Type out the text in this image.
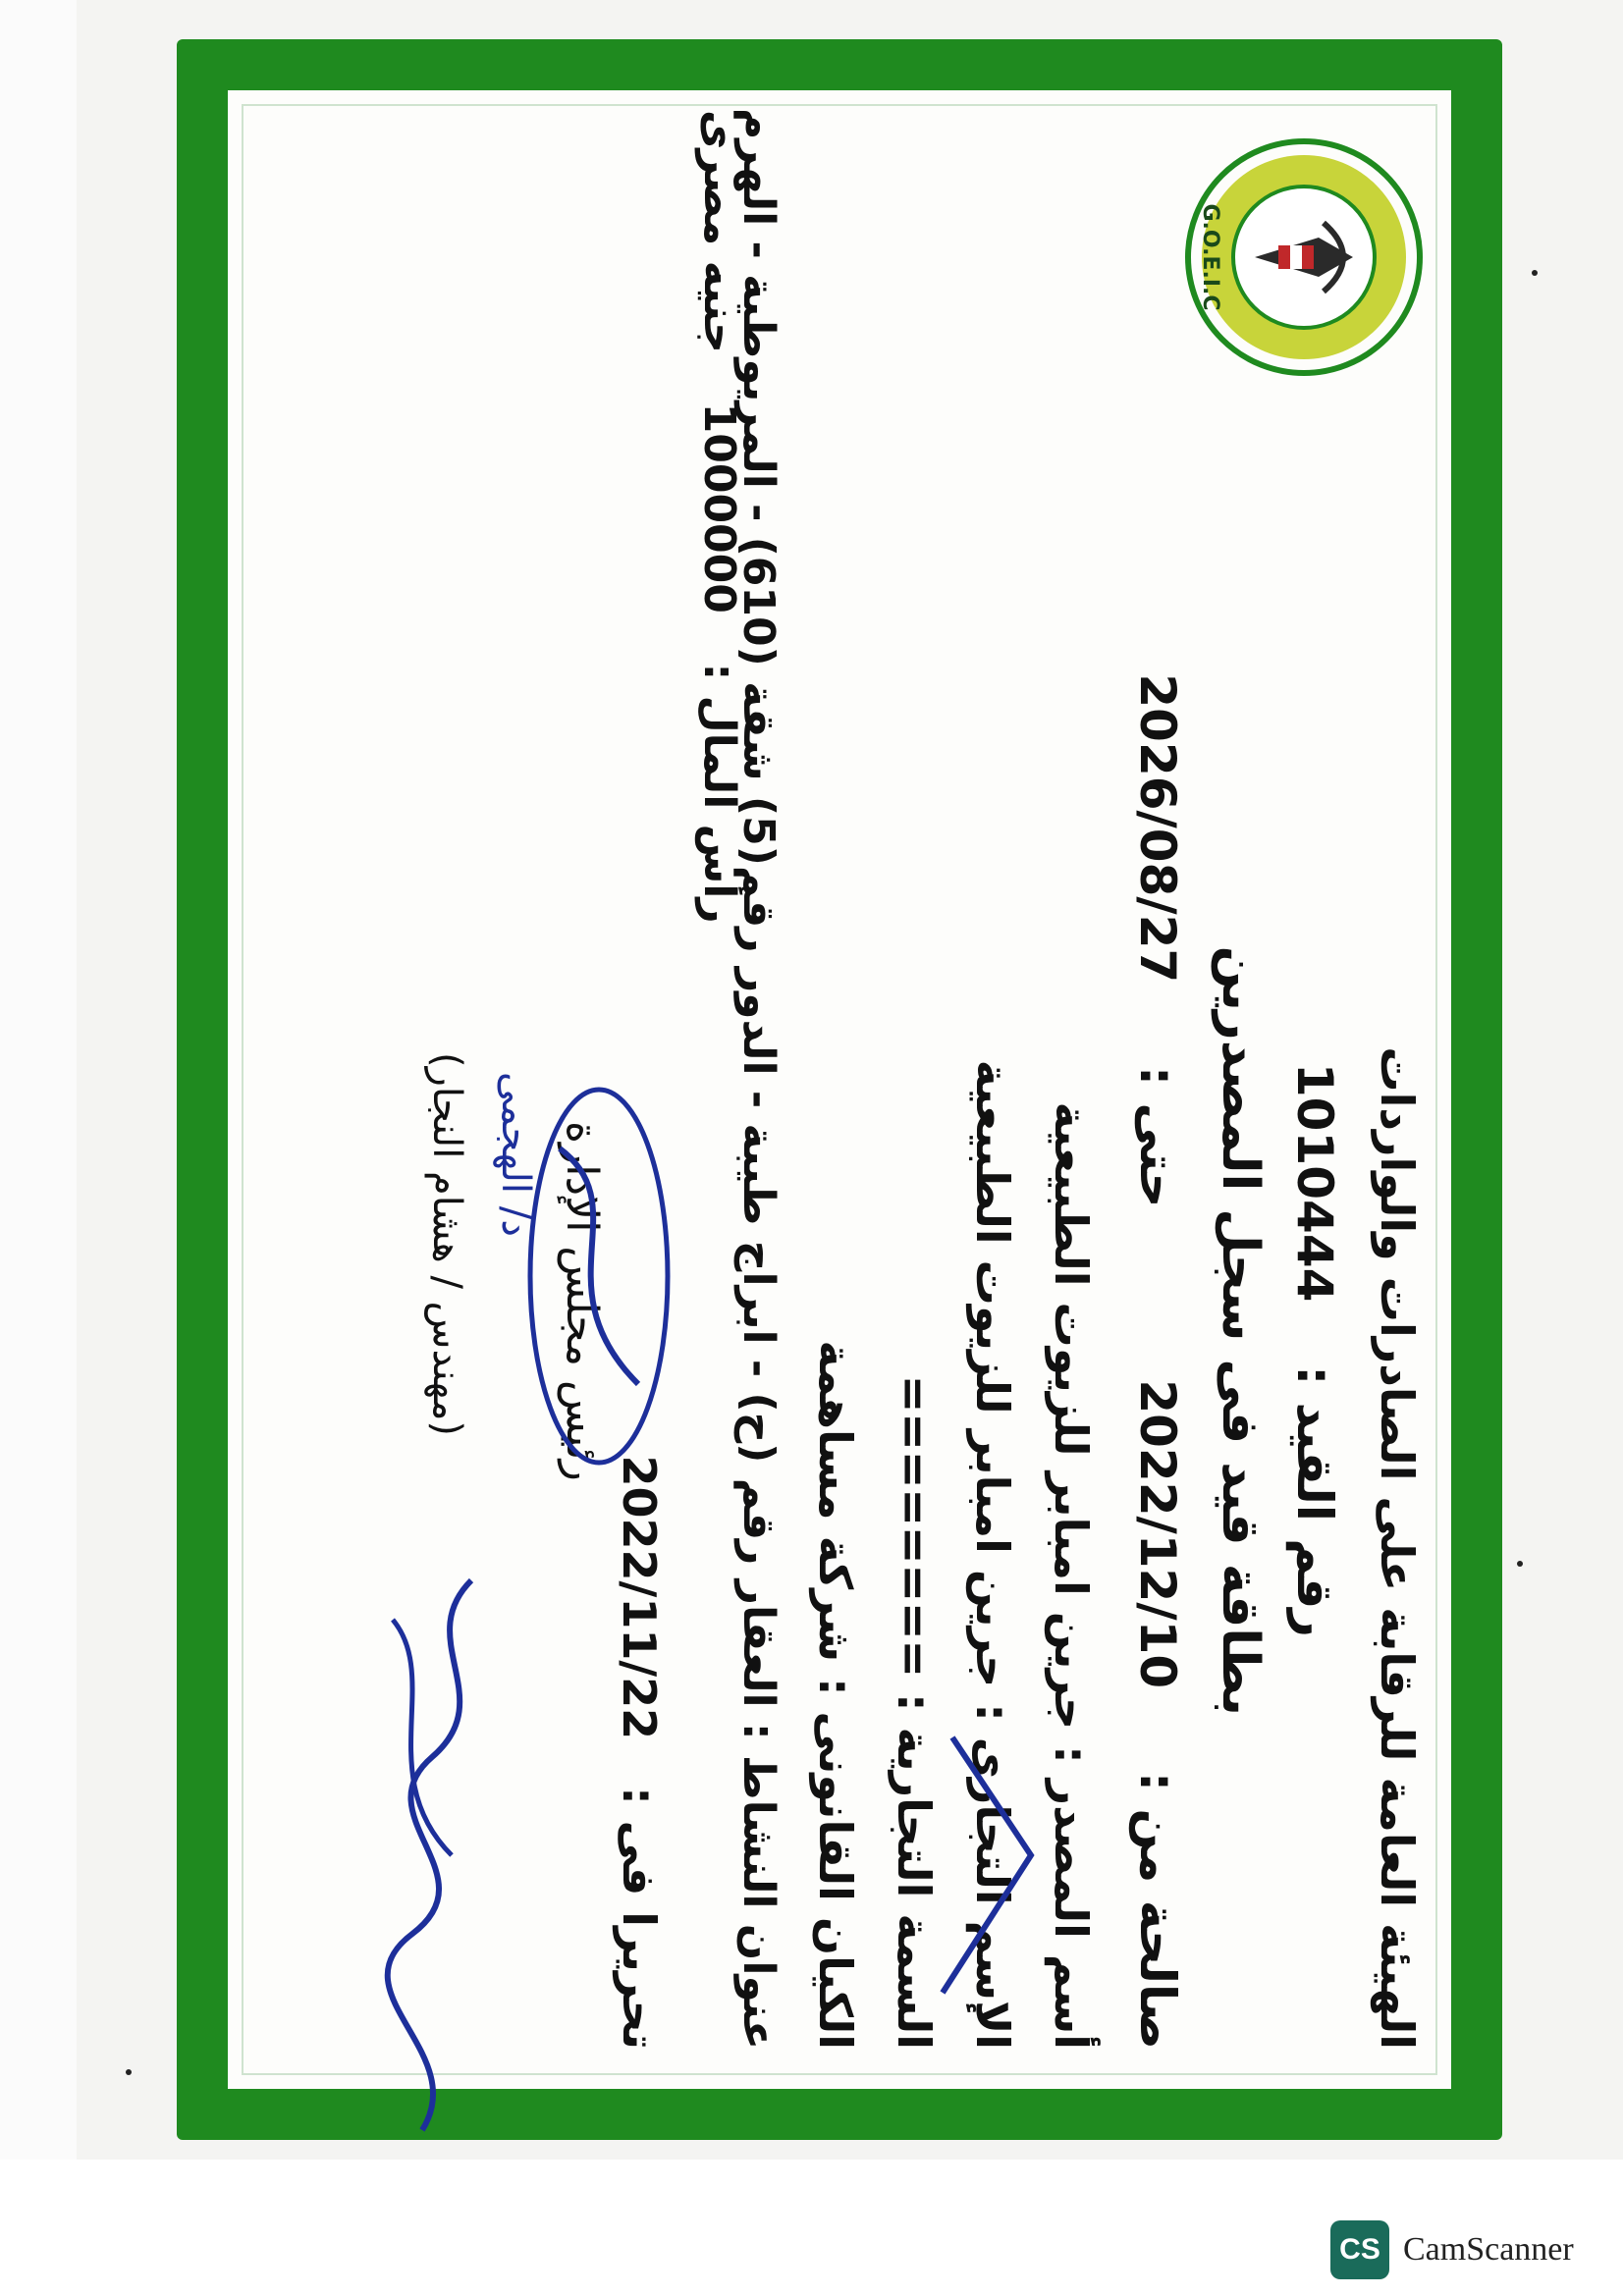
G.O.E.I.C
الهيئة العامة للرقابة على الصادرات والواردات
رقم القيد :  1010444
بطاقة قيد فى سجل المصدرين
صالحة من :  2022/12/10  حتى :  2026/08/27
أسم المصدر : جرين امبابر للزيوت الطبيعية
الإسم التجارى : جرين امبابر للزيوت الطبيعية
السمة التجارية : ========
الكيان القانونى : شركة مساهمة
عنوان النشاط : العقار رقم (ح) - ابراج طيبة - الدور رقم(5) شقة (610) - المريوطية - الهرم
رأس المال :  1000000  جنيه مصرى
تحريرا فى :  2022/11/22
رئيس مجلس الإدارة
د/ الهجمى
(مهندس / هشام النجار)
CS CamScanner
